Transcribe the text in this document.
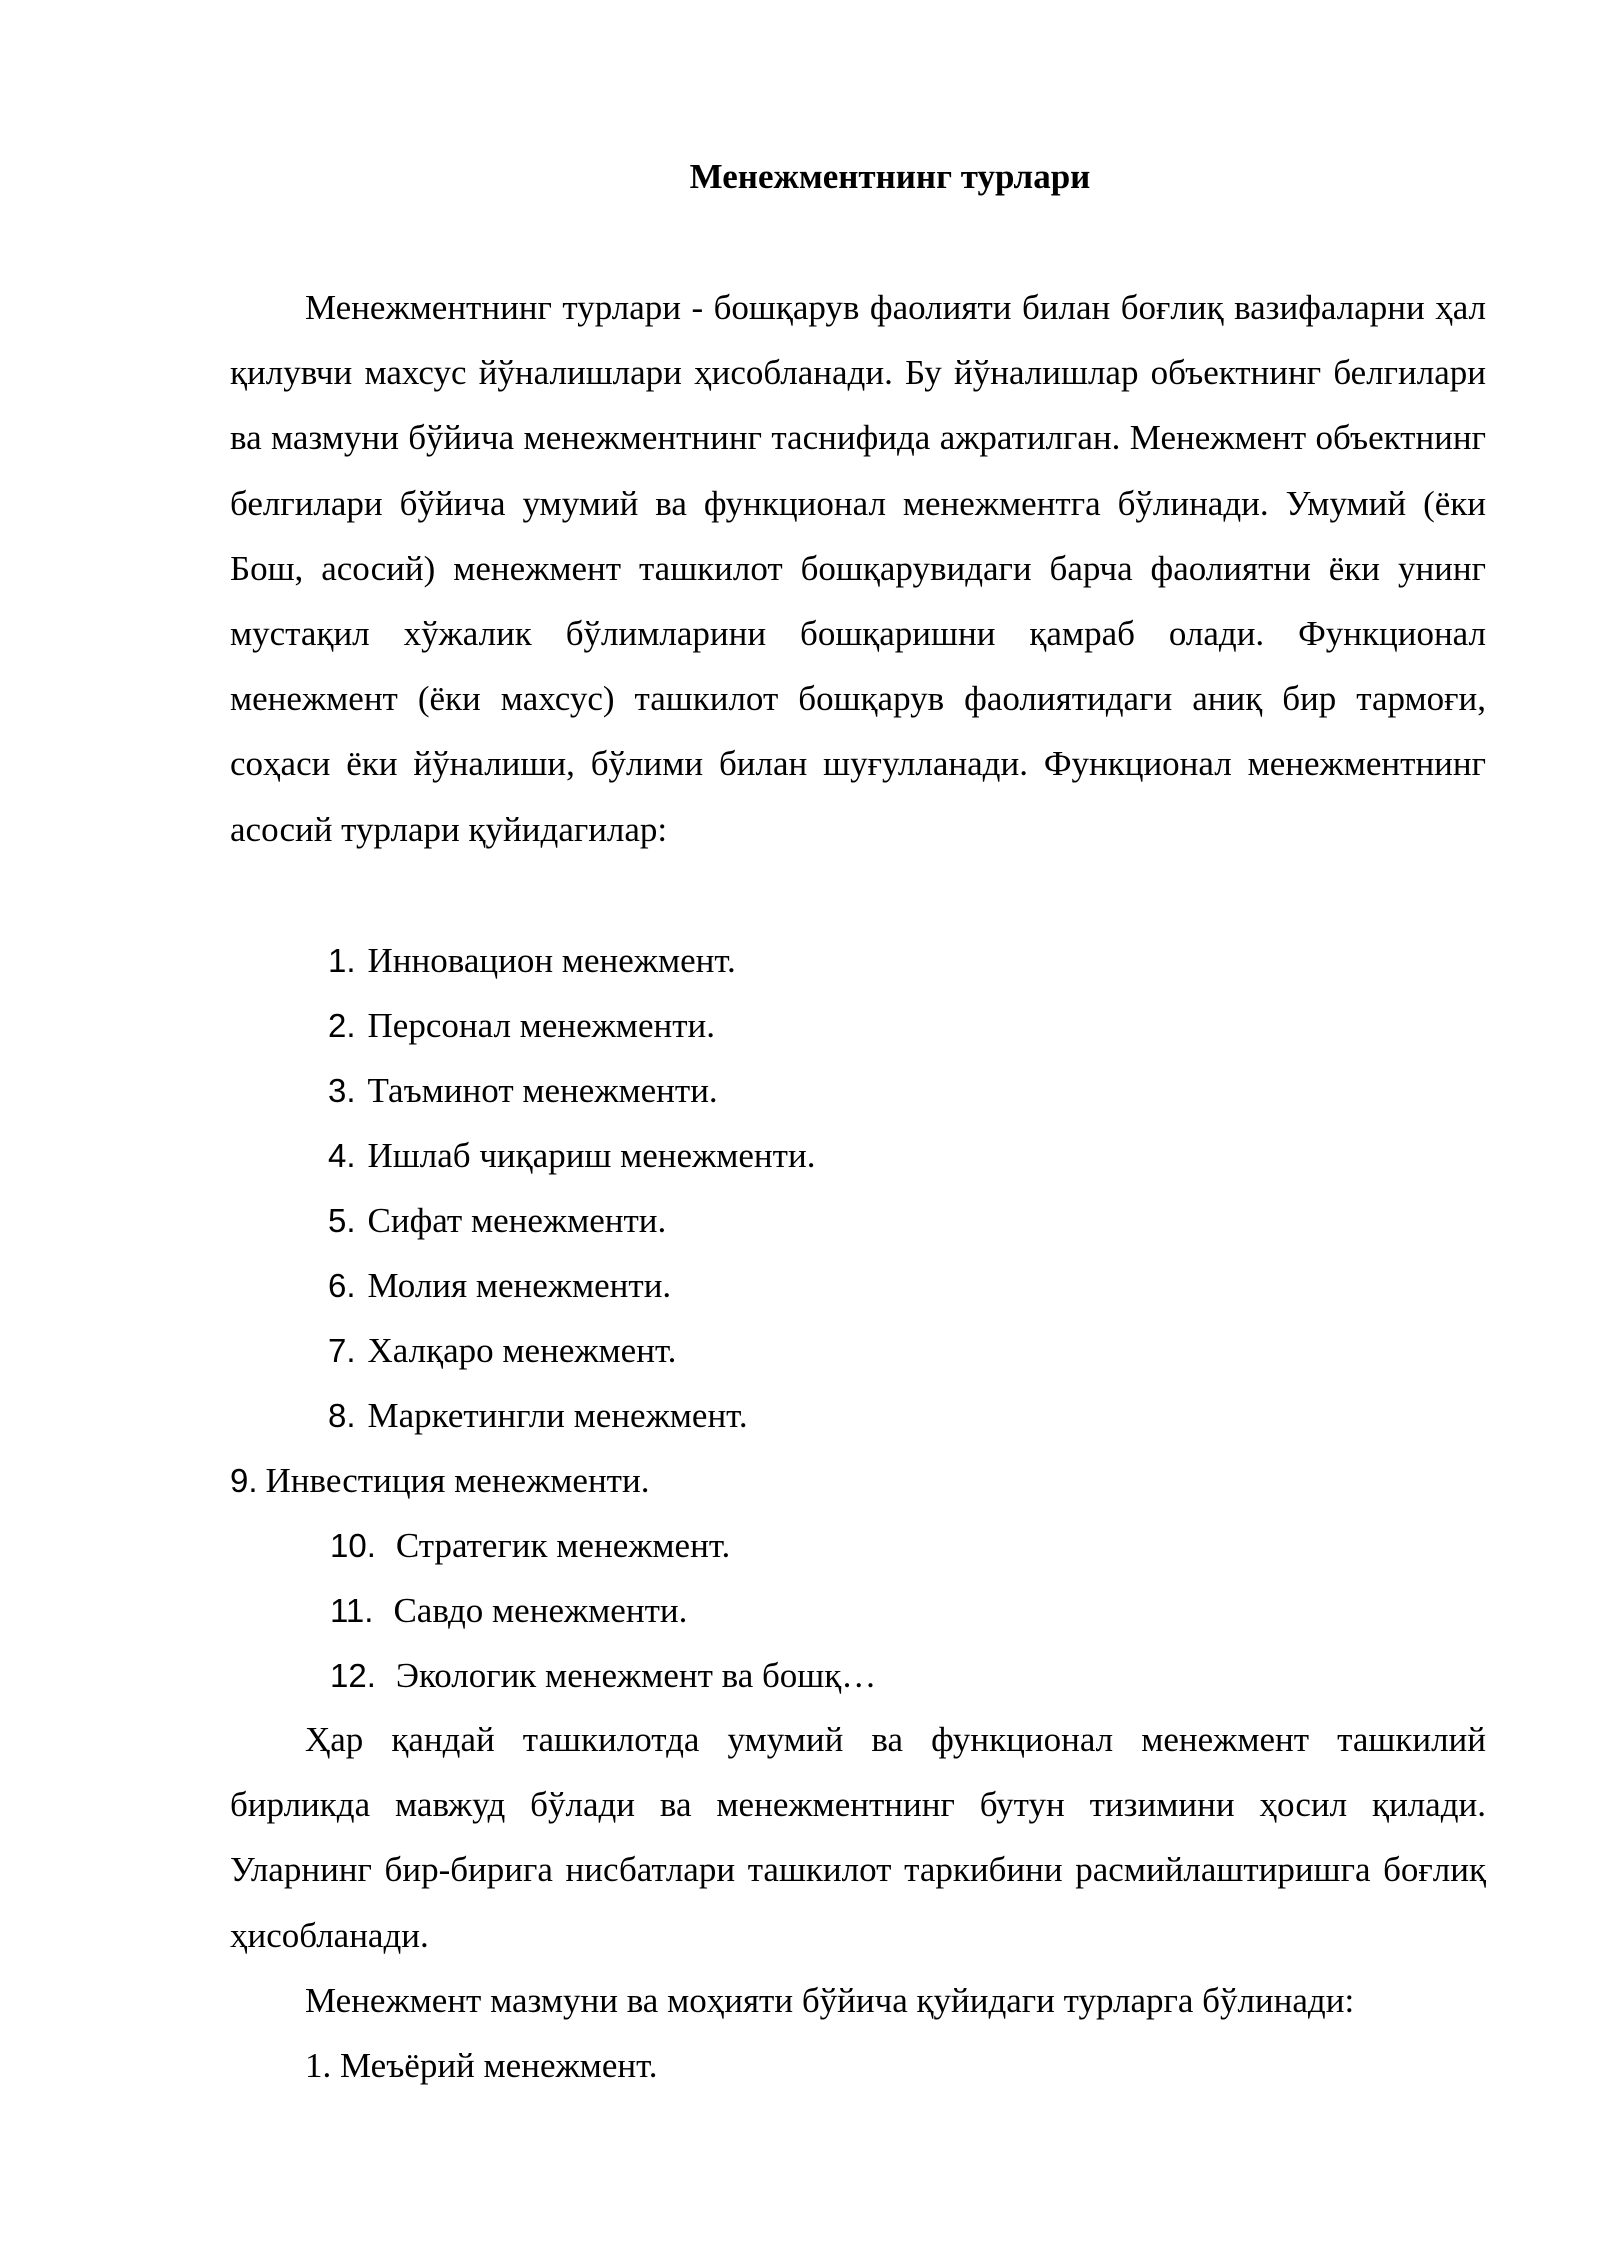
Менежментнинг турлари

Менежментнинг турлари - бошқарув фаолияти билан боғлиқ вазифаларни ҳал қилувчи махсус йўналишлари ҳисобланади. Бу йўналишлар объектнинг белгилари ва мазмуни бўйича менежментнинг таснифида ажратилган. Менежмент объектнинг белгилари бўйича умумий ва функционал менежментга бўлинади. Умумий (ёки Бош, асосий) менежмент ташкилот бошқарувидаги барча фаолиятни ёки унинг мустақил хўжалик бўлимларини бошқаришни қамраб олади. Функционал менежмент (ёки махсус) ташкилот бошқарув фаолиятидаги аниқ бир тармоғи, соҳаси ёки йўналиши, бўлими билан шуғулланади. Функционал менежментнинг асосий турлари қуйидагилар:

1. Инновацион менежмент.
2. Персонал менежменти.
3. Таъминот менежменти.
4. Ишлаб чиқариш менежменти.
5. Сифат менежменти.
6. Молия менежменти.
7. Халқаро менежмент.
8. Маркетингли менежмент.
9. Инвестиция менежменти.
10. Стратегик менежмент.
11. Савдо менежменти.
12. Экологик менежмент ва бошқ…

Ҳар қандай ташкилотда умумий ва функционал менежмент ташкилий бирликда мавжуд бўлади ва менежментнинг бутун тизимини ҳосил қилади. Уларнинг бир-бирига нисбатлари ташкилот таркибини расмийлаштиришга боғлиқ ҳисобланади.

Менежмент мазмуни ва моҳияти бўйича қуйидаги турларга бўлинади:
1. Меъёрий менежмент.
